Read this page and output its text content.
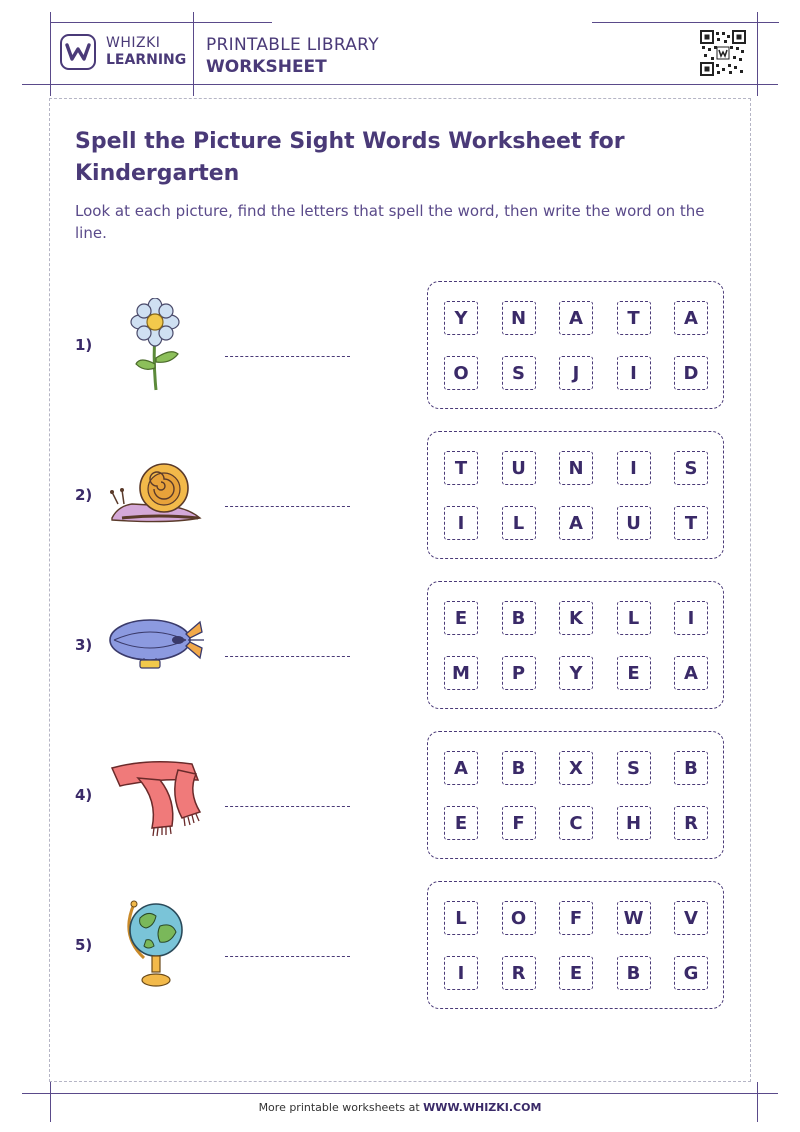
WHIZKI
LEARNING
PRINTABLE LIBRARY
WORKSHEET
Spell the Picture Sight Words Worksheet for Kindergarten
Look at each picture, find the letters that spell the word, then write the word on the line.
1)
Y	N	A	T	A
O	S	J	I	D
2)
T	U	N	I	S
I	L	A	U	T
3)
E	B	K	L	I
M	P	Y	E	A
4)
A	B	X	S	B
E	F	C	H	R
5)
L	O	F	W	V
I	R	E	B	G
More printable worksheets at WWW.WHIZKI.COM
